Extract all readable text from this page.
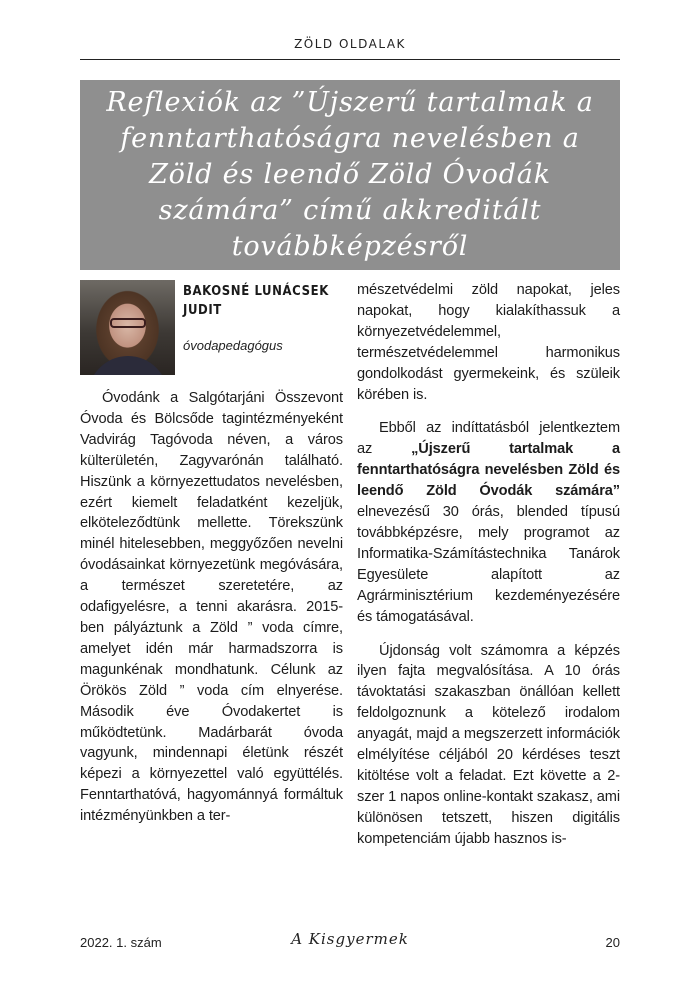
ZÖLD OLDALAK
Reflexiók az ”Újszerű tartalmak a fenntarthatóságra nevelésben a Zöld és leendő Zöld Óvodák számára” című akkreditált továbbképzésről
BAKOSNÉ LUNÁCSEK JUDIT
óvodapedagógus

Óvodánk a Salgótarjáni Összevont Óvoda és Bölcsőde tagintézményeként Vadvirág Tagóvoda néven, a város külterületén, Zagyvarónán található. Hiszünk a környezettudatos nevelésben, ezért kiemelt feladatként kezeljük, elköteleződtünk mellette. Törekszünk minél hitelesebben, meggyőzően nevelni óvodásainkat környezetünk megóvására, a természet szeretetére, az odafigyelésre, a tenni akarásra. 2015-ben pályáztunk a Zöld ” voda címre, amelyet idén már harmadszorra is magunkénak mondhatunk. Célunk az Örökös Zöld ” voda cím elnyerése. Második éve Óvodakertet is működtetünk. Madárbarát óvoda vagyunk, mindennapi életünk részét képezi a környezettel való együttélés. Fenntarthatóvá, hagyománnyá formáltuk intézményünkben a ter-

mészetvédelmi zöld napokat, jeles napokat, hogy kialakíthassuk a környezetvédelemmel, természetvédelemmel harmonikus gondolkodást gyermekeink, és szüleik körében is.

Ebből az indíttatásból jelentkeztem az „Újszerű tartalmak a fenntarthatóságra nevelésben Zöld és leendő Zöld Óvodák számára” elnevezésű 30 órás, blended típusú továbbképzésre, mely programot az Informatika-Számítástechnika Tanárok Egyesülete alapított az Agrárminisztérium kezdeményezésére és támogatásával.

Újdonság volt számomra a képzés ilyen fajta megvalósítása. A 10 órás távoktatási szakaszban önállóan kellett feldolgoznunk a kötelező irodalom anyagát, majd a megszerzett információk elmélyítése céljából 20 kérdéses teszt kitöltése volt a feladat. Ezt követte a 2-szer 1 napos online-kontakt szakasz, ami különösen tetszett, hiszen digitális kompetenciám újabb hasznos is-

2022. 1. szám	A Kisgyermek	20
